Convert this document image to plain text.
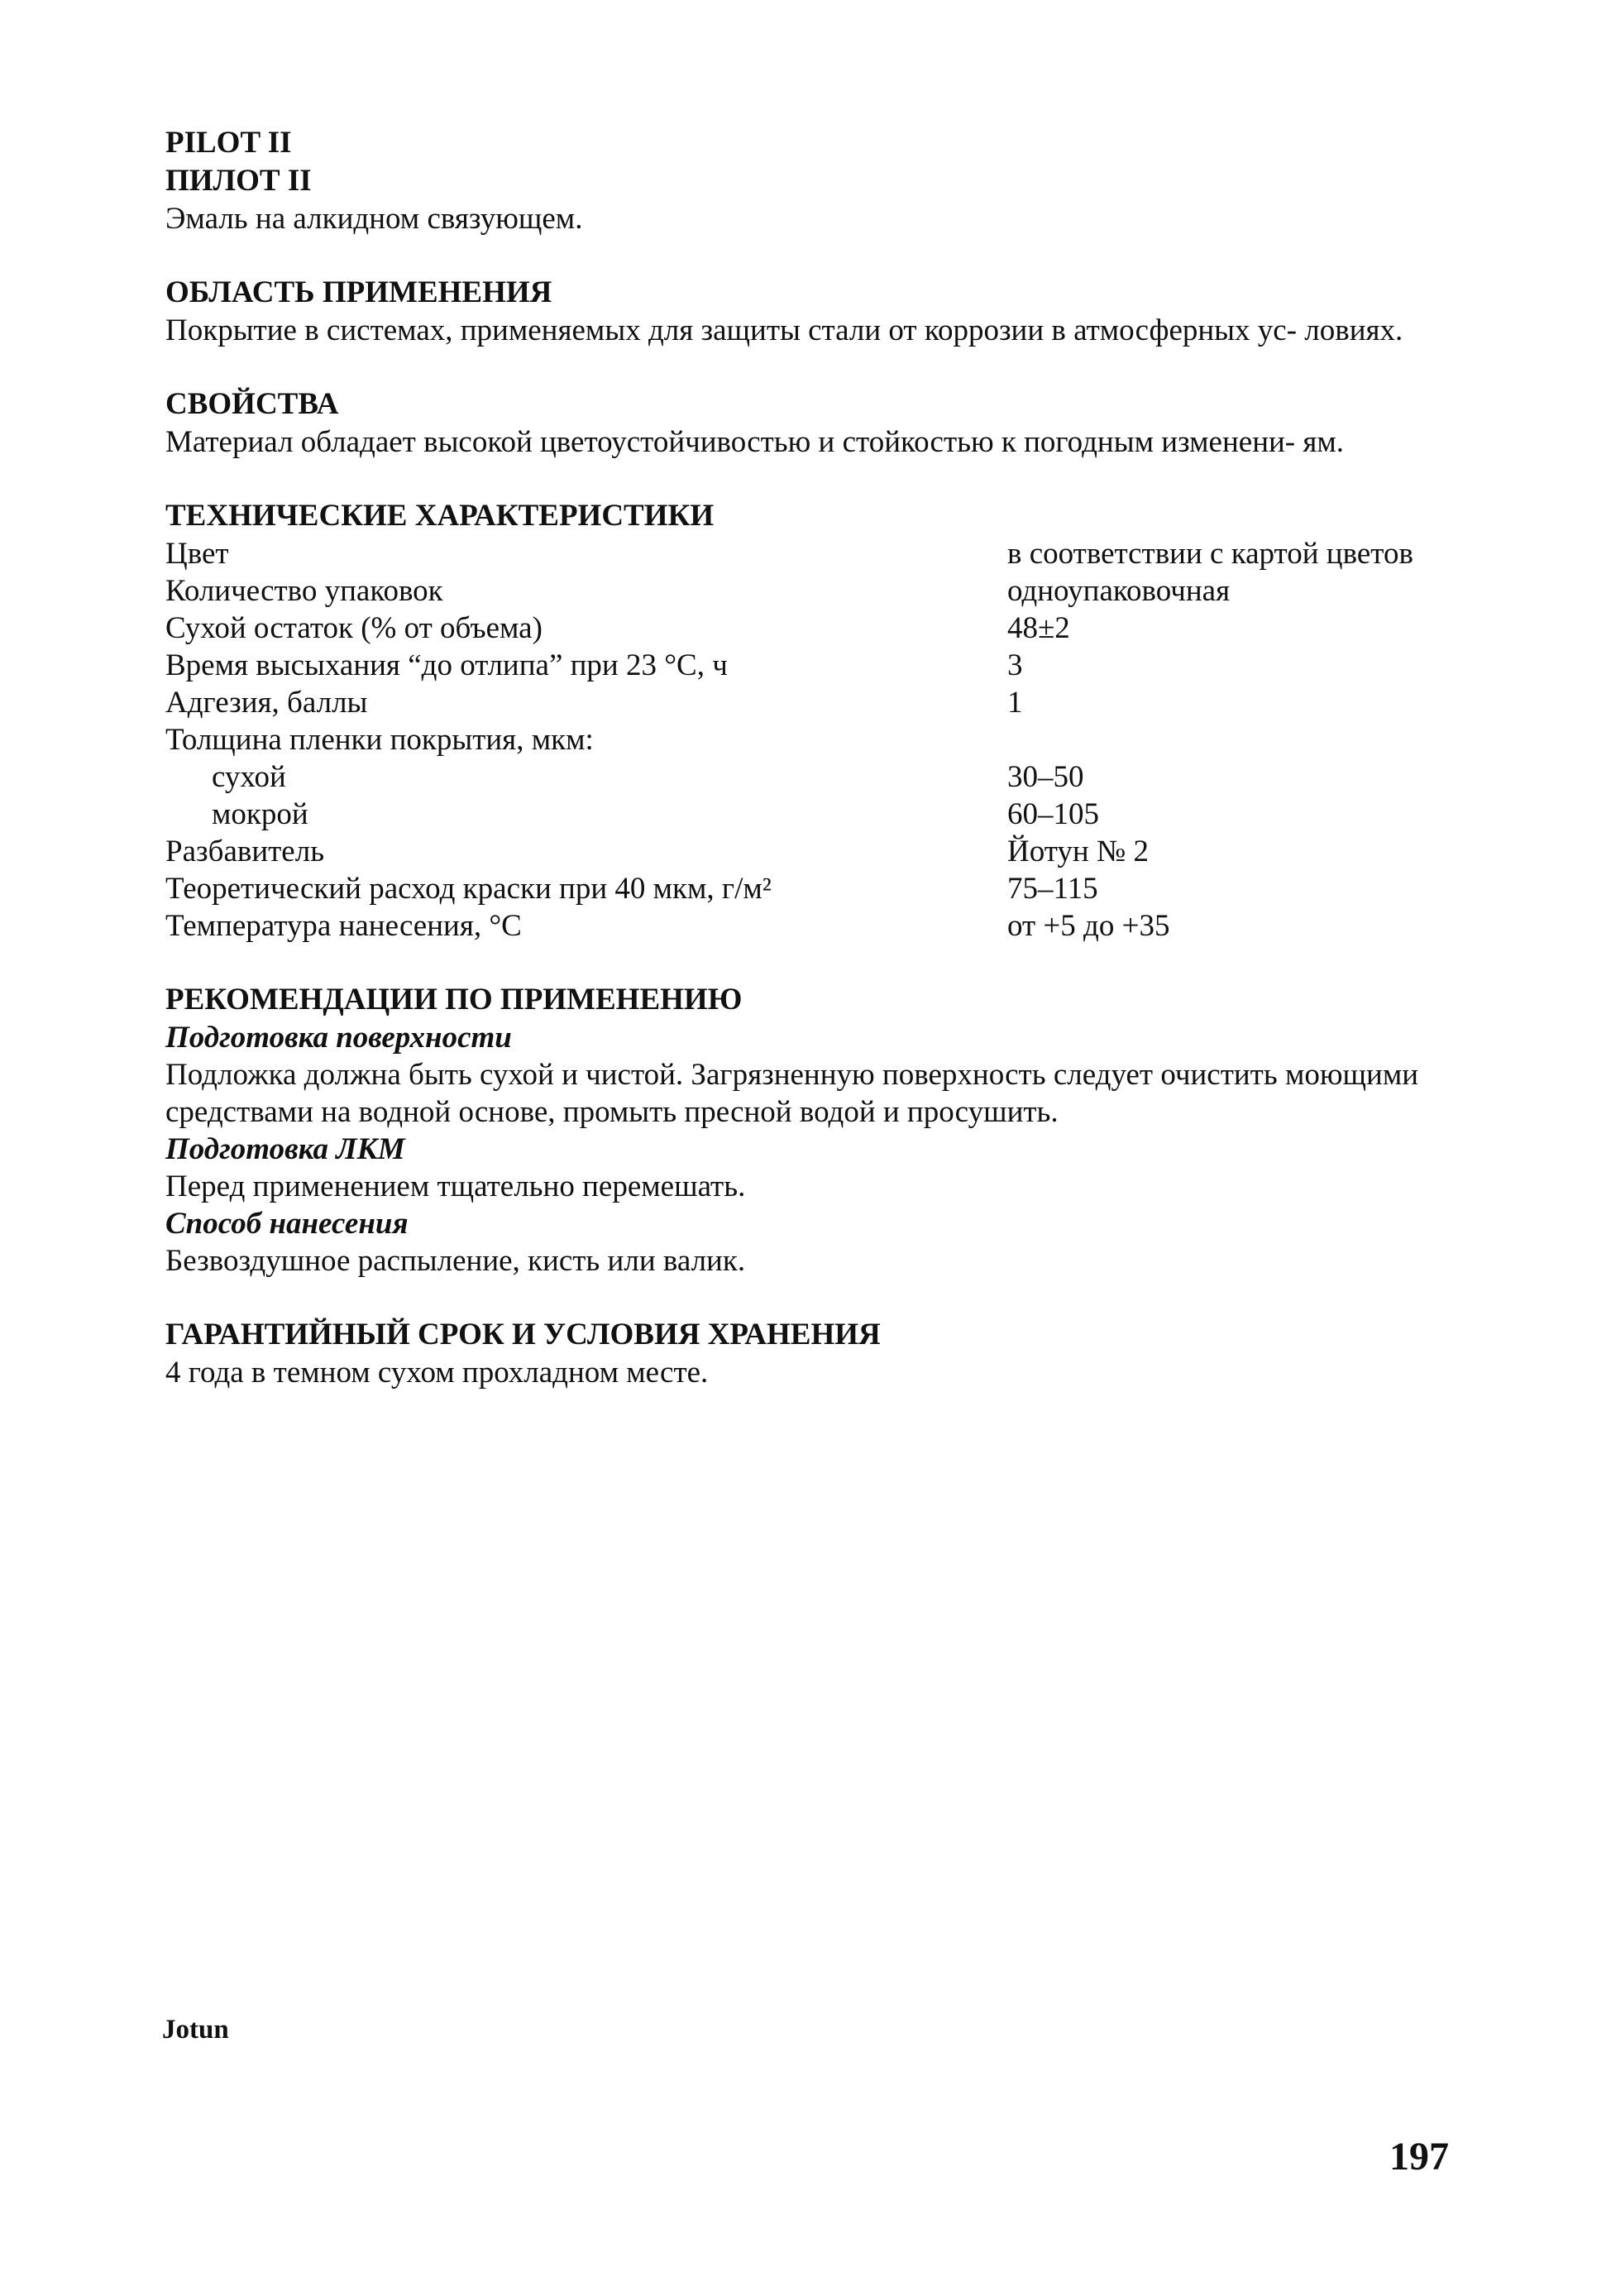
PILOT II

ПИЛОТ II

Эмаль на алкидном связующем.

ОБЛАСТЬ ПРИМЕНЕНИЯ

Покрытие в системах, применяемых для защиты стали от коррозии в атмосферных ус- ловиях.

СВОЙСТВА

Материал обладает высокой цветоустойчивостью и стойкостью к погодным изменени- ям.

ТЕХНИЧЕСКИЕ ХАРАКТЕРИСТИКИ

Цвет	в соответствии с картой цветов
Количество упаковок	одноупаковочная
Сухой остаток (% от объема)	48±2
Время высыхания “до отлипа” при 23 °С, ч	3
Адгезия, баллы	1
Толщина пленки покрытия, мкм:
сухой	30–50
мокрой	60–105
Разбавитель	Йотун № 2
Теоретический расход краски при 40 мкм, г/м²	75–115
Температура нанесения, °С	от +5 до +35

РЕКОМЕНДАЦИИ ПО ПРИМЕНЕНИЮ

Подготовка поверхности

Подложка должна быть сухой и чистой. Загрязненную поверхность следует очистить моющими средствами на водной основе, промыть пресной водой и просушить.

Подготовка ЛКМ

Перед применением тщательно перемешать.

Способ нанесения

Безвоздушное распыление, кисть или валик.

ГАРАНТИЙНЫЙ СРОК И УСЛОВИЯ ХРАНЕНИЯ

4 года в темном сухом прохладном месте.

Jotun

197
